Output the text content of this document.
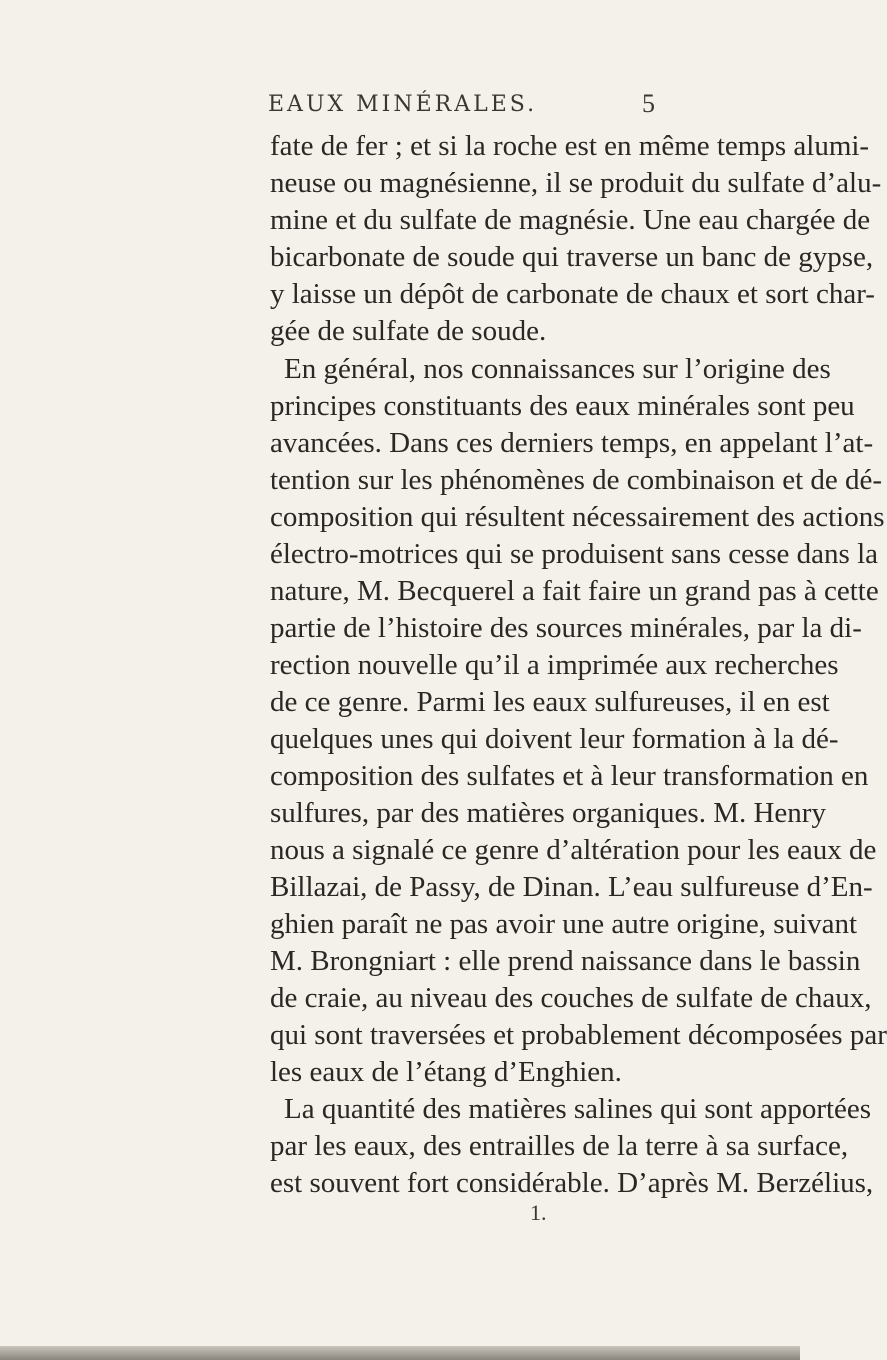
EAUX MINÉRALES.	5
fate de fer ; et si la roche est en même temps alumi-
neuse ou magnésienne, il se produit du sulfate d’alu-
mine et du sulfate de magnésie. Une eau chargée de
bicarbonate de soude qui traverse un banc de gypse,
y laisse un dépôt de carbonate de chaux et sort char-
gée de sulfate de soude.
En général, nos connaissances sur l’origine des
principes constituants des eaux minérales sont peu
avancées. Dans ces derniers temps, en appelant l’at-
tention sur les phénomènes de combinaison et de dé-
composition qui résultent nécessairement des actions
électro-motrices qui se produisent sans cesse dans la
nature, M. Becquerel a fait faire un grand pas à cette
partie de l’histoire des sources minérales, par la di-
rection nouvelle qu’il a imprimée aux recherches
de ce genre. Parmi les eaux sulfureuses, il en est
quelques unes qui doivent leur formation à la dé-
composition des sulfates et à leur transformation en
sulfures, par des matières organiques. M. Henry
nous a signalé ce genre d’altération pour les eaux de
Billazai, de Passy, de Dinan. L’eau sulfureuse d’En-
ghien paraît ne pas avoir une autre origine, suivant
M. Brongniart : elle prend naissance dans le bassin
de craie, au niveau des couches de sulfate de chaux,
qui sont traversées et probablement décomposées par
les eaux de l’étang d’Enghien.
La quantité des matières salines qui sont apportées
par les eaux, des entrailles de la terre à sa surface,
est souvent fort considérable. D’après M. Berzélius,
1.
